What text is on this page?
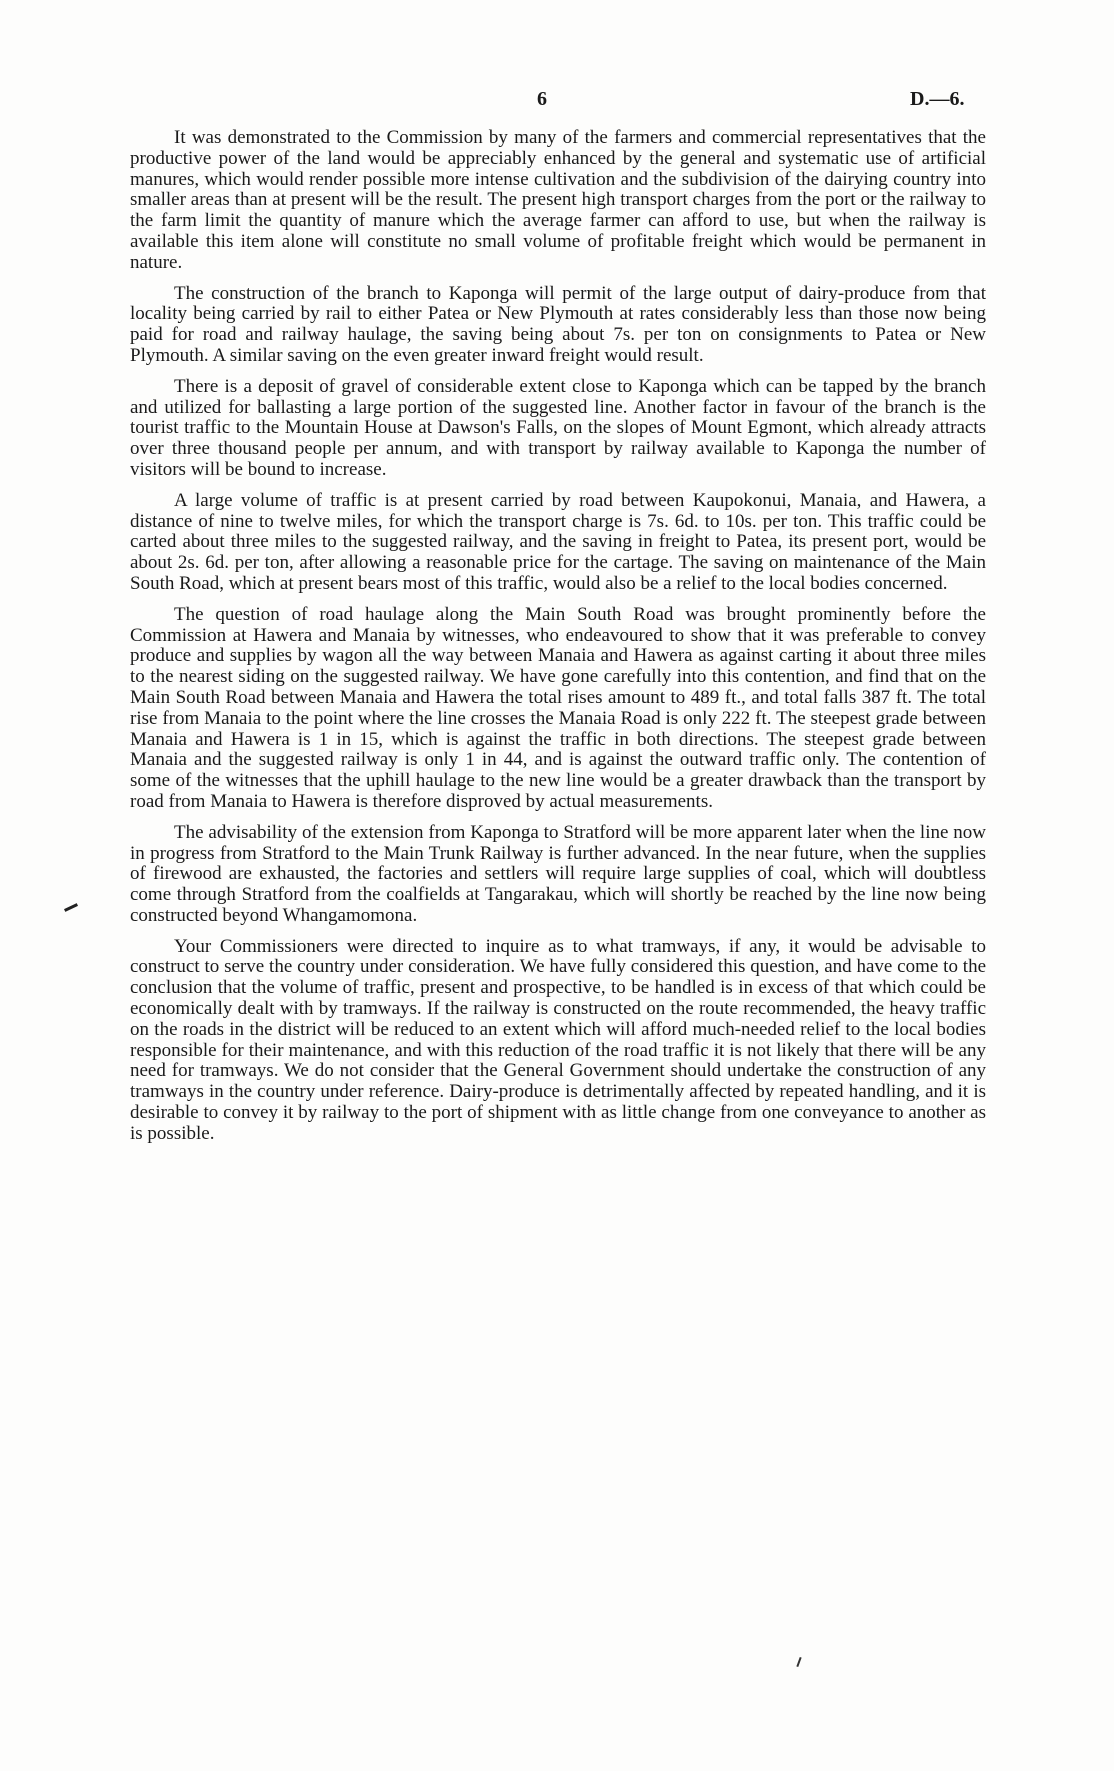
6	D.—6.

It was demonstrated to the Commission by many of the farmers and commercial representatives that the productive power of the land would be appreciably enhanced by the general and systematic use of artificial manures, which would render possible more intense cultivation and the subdivision of the dairying country into smaller areas than at present will be the result. The present high transport charges from the port or the railway to the farm limit the quantity of manure which the average farmer can afford to use, but when the railway is available this item alone will constitute no small volume of profitable freight which would be permanent in nature.

The construction of the branch to Kaponga will permit of the large output of dairy-produce from that locality being carried by rail to either Patea or New Plymouth at rates considerably less than those now being paid for road and railway haulage, the saving being about 7s. per ton on consignments to Patea or New Plymouth. A similar saving on the even greater inward freight would result.

There is a deposit of gravel of considerable extent close to Kaponga which can be tapped by the branch and utilized for ballasting a large portion of the suggested line. Another factor in favour of the branch is the tourist traffic to the Mountain House at Dawson's Falls, on the slopes of Mount Egmont, which already attracts over three thousand people per annum, and with transport by railway available to Kaponga the number of visitors will be bound to increase.

A large volume of traffic is at present carried by road between Kaupokonui, Manaia, and Hawera, a distance of nine to twelve miles, for which the transport charge is 7s. 6d. to 10s. per ton. This traffic could be carted about three miles to the suggested railway, and the saving in freight to Patea, its present port, would be about 2s. 6d. per ton, after allowing a reasonable price for the cartage. The saving on maintenance of the Main South Road, which at present bears most of this traffic, would also be a relief to the local bodies concerned.

The question of road haulage along the Main South Road was brought prominently before the Commission at Hawera and Manaia by witnesses, who endeavoured to show that it was preferable to convey produce and supplies by wagon all the way between Manaia and Hawera as against carting it about three miles to the nearest siding on the suggested railway. We have gone carefully into this contention, and find that on the Main South Road between Manaia and Hawera the total rises amount to 489 ft., and total falls 387 ft. The total rise from Manaia to the point where the line crosses the Manaia Road is only 222 ft. The steepest grade between Manaia and Hawera is 1 in 15, which is against the traffic in both directions. The steepest grade between Manaia and the suggested railway is only 1 in 44, and is against the outward traffic only. The contention of some of the witnesses that the uphill haulage to the new line would be a greater drawback than the transport by road from Manaia to Hawera is therefore disproved by actual measurements.

The advisability of the extension from Kaponga to Stratford will be more apparent later when the line now in progress from Stratford to the Main Trunk Railway is further advanced. In the near future, when the supplies of firewood are exhausted, the factories and settlers will require large supplies of coal, which will doubtless come through Stratford from the coalfields at Tangarakau, which will shortly be reached by the line now being constructed beyond Whangamomona.

Your Commissioners were directed to inquire as to what tramways, if any, it would be advisable to construct to serve the country under consideration. We have fully considered this question, and have come to the conclusion that the volume of traffic, present and prospective, to be handled is in excess of that which could be economically dealt with by tramways. If the railway is constructed on the route recommended, the heavy traffic on the roads in the district will be reduced to an extent which will afford much-needed relief to the local bodies responsible for their maintenance, and with this reduction of the road traffic it is not likely that there will be any need for tramways. We do not consider that the General Government should undertake the construction of any tramways in the country under reference. Dairy-produce is detrimentally affected by repeated handling, and it is desirable to convey it by railway to the port of shipment with as little change from one conveyance to another as is possible.
